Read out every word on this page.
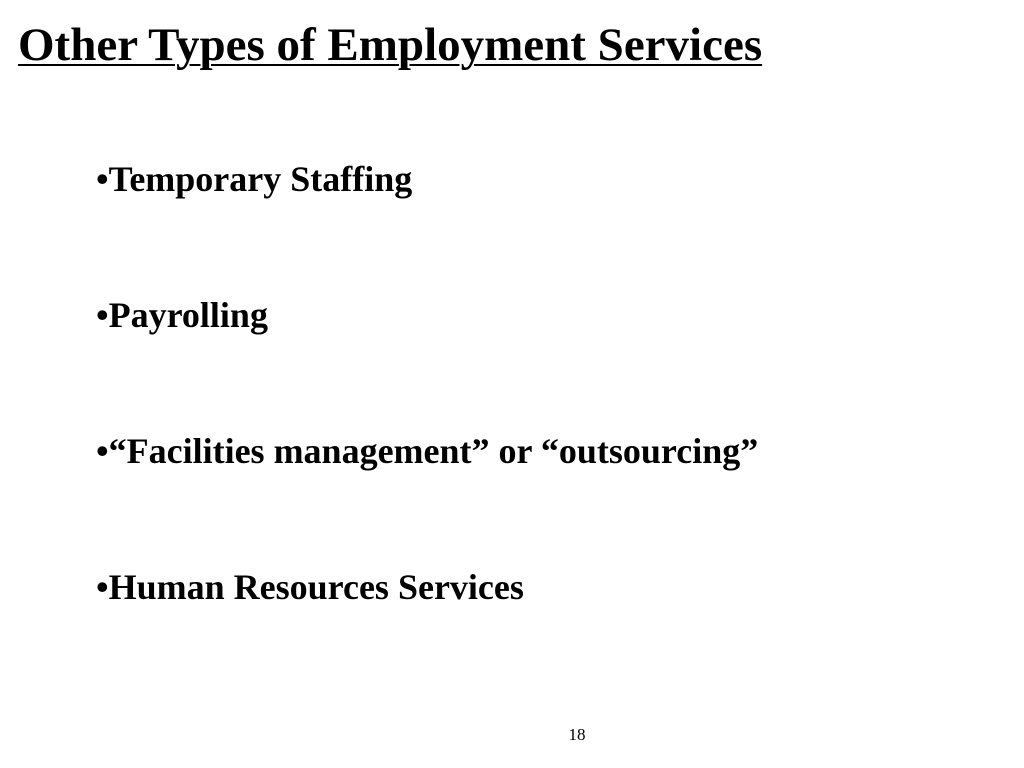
Other Types of Employment Services
•Temporary Staffing
•Payrolling
•“Facilities management” or “outsourcing”
•Human Resources Services
18
